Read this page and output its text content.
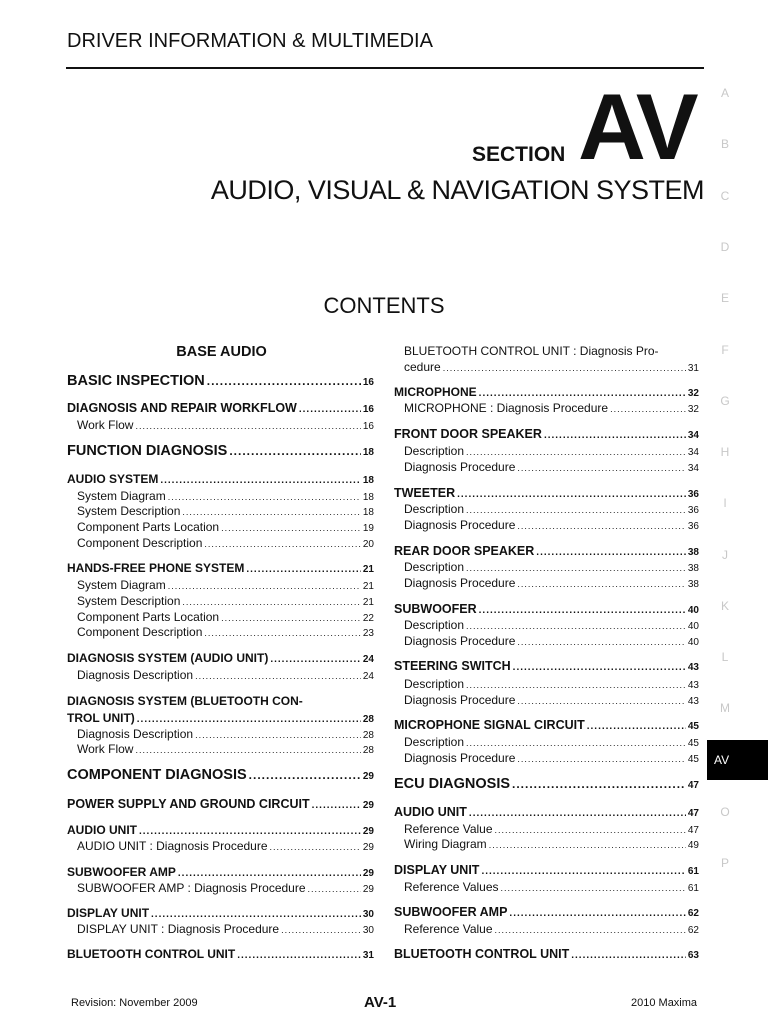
DRIVER INFORMATION & MULTIMEDIA
SECTION AV
AUDIO, VISUAL & NAVIGATION SYSTEM
CONTENTS
A
B
C
D
E
F
G
H
I
J
K
L
M
AV
O
P
BASE AUDIO
BASIC INSPECTION .....	16
DIAGNOSIS AND REPAIR WORKFLOW .....	16
Work Flow .....	16
FUNCTION DIAGNOSIS .....	18
AUDIO SYSTEM .....	18
System Diagram .....	18
System Description .....	18
Component Parts Location .....	19
Component Description .....	20
HANDS-FREE PHONE SYSTEM .....	21
System Diagram .....	21
System Description .....	21
Component Parts Location .....	22
Component Description .....	23
DIAGNOSIS SYSTEM (AUDIO UNIT) .....	24
Diagnosis Description .....	24
DIAGNOSIS SYSTEM (BLUETOOTH CON-
TROL UNIT) .....	28
Diagnosis Description .....	28
Work Flow .....	28
COMPONENT DIAGNOSIS .....	29
POWER SUPPLY AND GROUND CIRCUIT .....	29
AUDIO UNIT .....	29
AUDIO UNIT : Diagnosis Procedure .....	29
SUBWOOFER AMP .....	29
SUBWOOFER AMP : Diagnosis Procedure .....	29
DISPLAY UNIT .....	30
DISPLAY UNIT : Diagnosis Procedure .....	30
BLUETOOTH CONTROL UNIT .....	31
BLUETOOTH CONTROL UNIT : Diagnosis Pro-
cedure .....	31
MICROPHONE .....	32
MICROPHONE : Diagnosis Procedure .....	32
FRONT DOOR SPEAKER .....	34
Description .....	34
Diagnosis Procedure .....	34
TWEETER .....	36
Description .....	36
Diagnosis Procedure .....	36
REAR DOOR SPEAKER .....	38
Description .....	38
Diagnosis Procedure .....	38
SUBWOOFER .....	40
Description .....	40
Diagnosis Procedure .....	40
STEERING SWITCH .....	43
Description .....	43
Diagnosis Procedure .....	43
MICROPHONE SIGNAL CIRCUIT .....	45
Description .....	45
Diagnosis Procedure .....	45
ECU DIAGNOSIS .....	47
AUDIO UNIT .....	47
Reference Value .....	47
Wiring Diagram .....	49
DISPLAY UNIT .....	61
Reference Values .....	61
SUBWOOFER AMP .....	62
Reference Value .....	62
BLUETOOTH CONTROL UNIT .....	63
Revision: November 2009	AV-1	2010 Maxima
